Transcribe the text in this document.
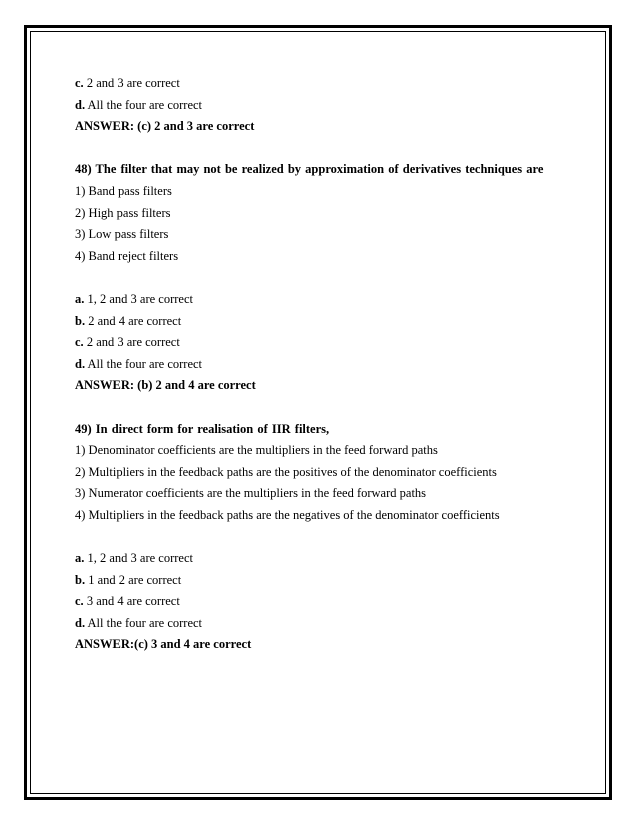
c. 2 and 3 are correct
d. All the four are correct
ANSWER: (c) 2 and 3 are correct
48) The filter that may not be realized by approximation of derivatives techniques are
1) Band pass filters
2) High pass filters
3) Low pass filters
4) Band reject filters
a. 1, 2 and 3 are correct
b. 2 and 4 are correct
c. 2 and 3 are correct
d. All the four are correct
ANSWER: (b) 2 and 4 are correct
49) In direct form for realisation of IIR filters,
1) Denominator coefficients are the multipliers in the feed forward paths
2) Multipliers in the feedback paths are the positives of the denominator coefficients
3) Numerator coefficients are the multipliers in the feed forward paths
4) Multipliers in the feedback paths are the negatives of the denominator coefficients
a. 1, 2 and 3 are correct
b. 1 and 2 are correct
c. 3 and 4 are correct
d. All the four are correct
ANSWER:(c) 3 and 4 are correct
